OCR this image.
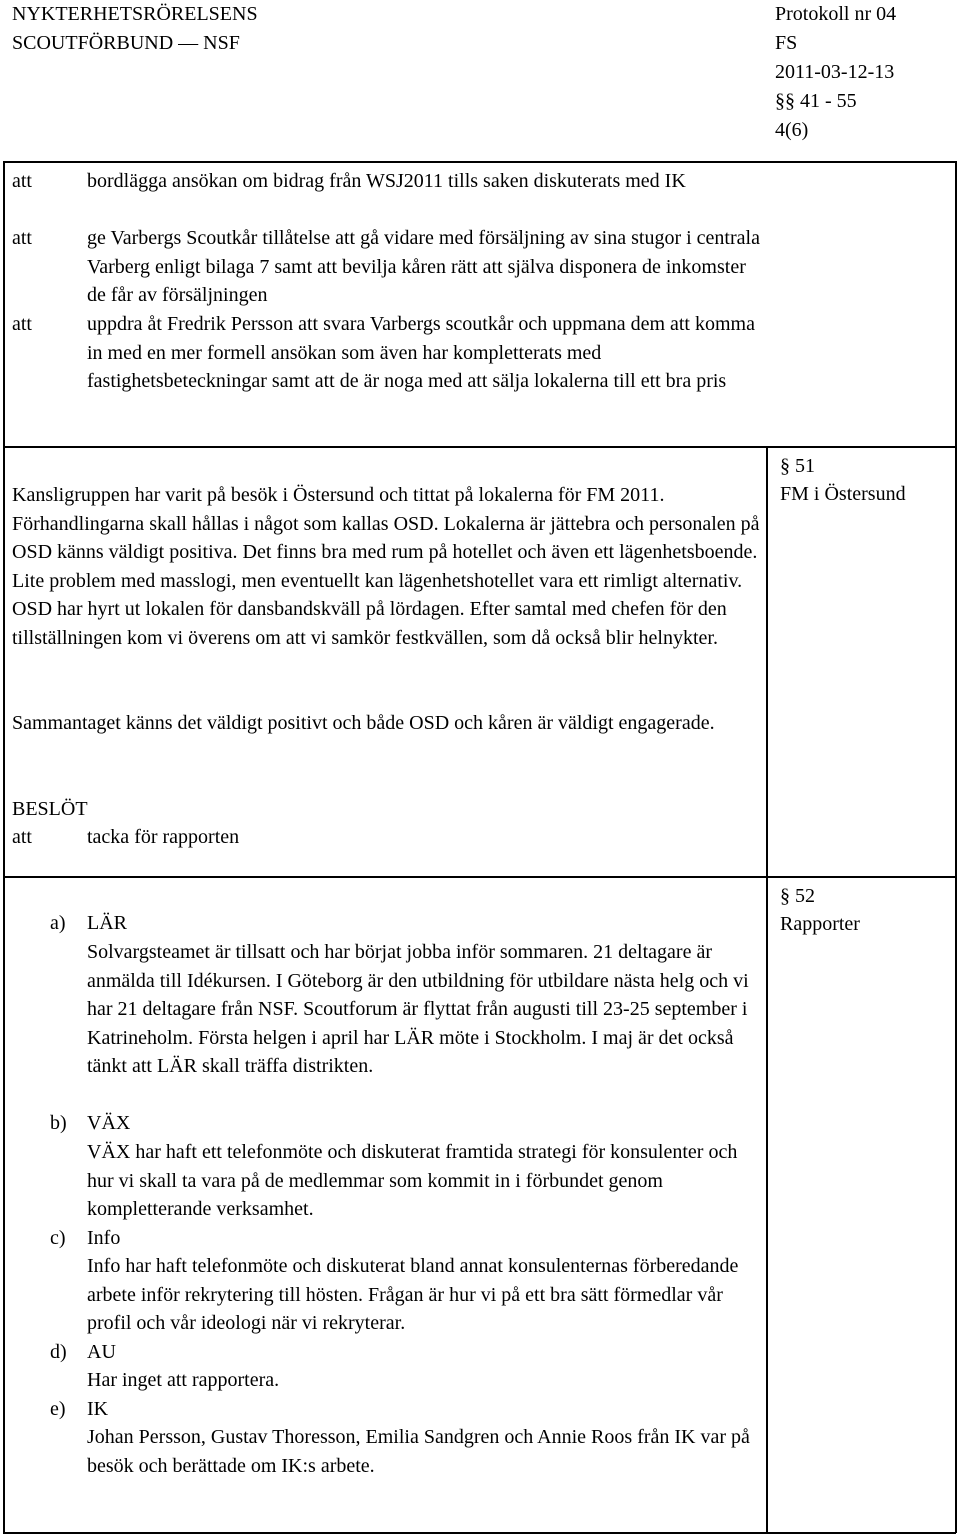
NYKTERHETSRÖRELSENS
SCOUTFÖRBUND — NSF
Protokoll nr 04
FS
2011-03-12-13
§§ 41 - 55
4(6)
att	bordlägga ansökan om bidrag från WSJ2011 tills saken diskuterats med IK
att	ge Varbergs Scoutkår tillåtelse att gå vidare med försäljning av sina stugor i centrala Varberg enligt bilaga 7 samt att bevilja kåren rätt att själva disponera de inkomster de får av försäljningen
att	uppdra åt Fredrik Persson att svara Varbergs scoutkår och uppmana dem att komma in med en mer formell ansökan som även har kompletterats med fastighetsbeteckningar samt att de är noga med att sälja lokalerna till ett bra pris
§ 51
FM i Östersund
Kansligruppen har varit på besök i Östersund och tittat på lokalerna för FM 2011. Förhandlingarna skall hållas i något som kallas OSD. Lokalerna är jättebra och personalen på OSD känns väldigt positiva. Det finns bra med rum på hotellet och även ett lägenhetsboende. Lite problem med masslogi, men eventuellt kan lägenhetshotellet vara ett rimligt alternativ. OSD har hyrt ut lokalen för dansbandskväll på lördagen. Efter samtal med chefen för den tillställningen kom vi överens om att vi samkör festkvällen, som då också blir helnykter.
Sammantaget känns det väldigt positivt och både OSD och kåren är väldigt engagerade.
BESLÖT
att	tacka för rapporten
§ 52
Rapporter
a) LÄR
Solvargsteamet är tillsatt och har börjat jobba inför sommaren. 21 deltagare är anmälda till Idékursen. I Göteborg är den utbildning för utbildare nästa helg och vi har 21 deltagare från NSF. Scoutforum är flyttat från augusti till 23-25 september i Katrineholm. Första helgen i april har LÄR möte i Stockholm. I maj är det också tänkt att LÄR skall träffa distrikten.
b) VÄX
VÄX har haft ett telefonmöte och diskuterat framtida strategi för konsulenter och hur vi skall ta vara på de medlemmar som kommit in i förbundet genom kompletterande verksamhet.
c) Info
Info har haft telefonmöte och diskuterat bland annat konsulenternas förberedande arbete inför rekrytering till hösten. Frågan är hur vi på ett bra sätt förmedlar vår profil och vår ideologi när vi rekryterar.
d) AU
Har inget att rapportera.
e) IK
Johan Persson, Gustav Thoresson, Emilia Sandgren och Annie Roos från IK var på besök och berättade om IK:s arbete.
